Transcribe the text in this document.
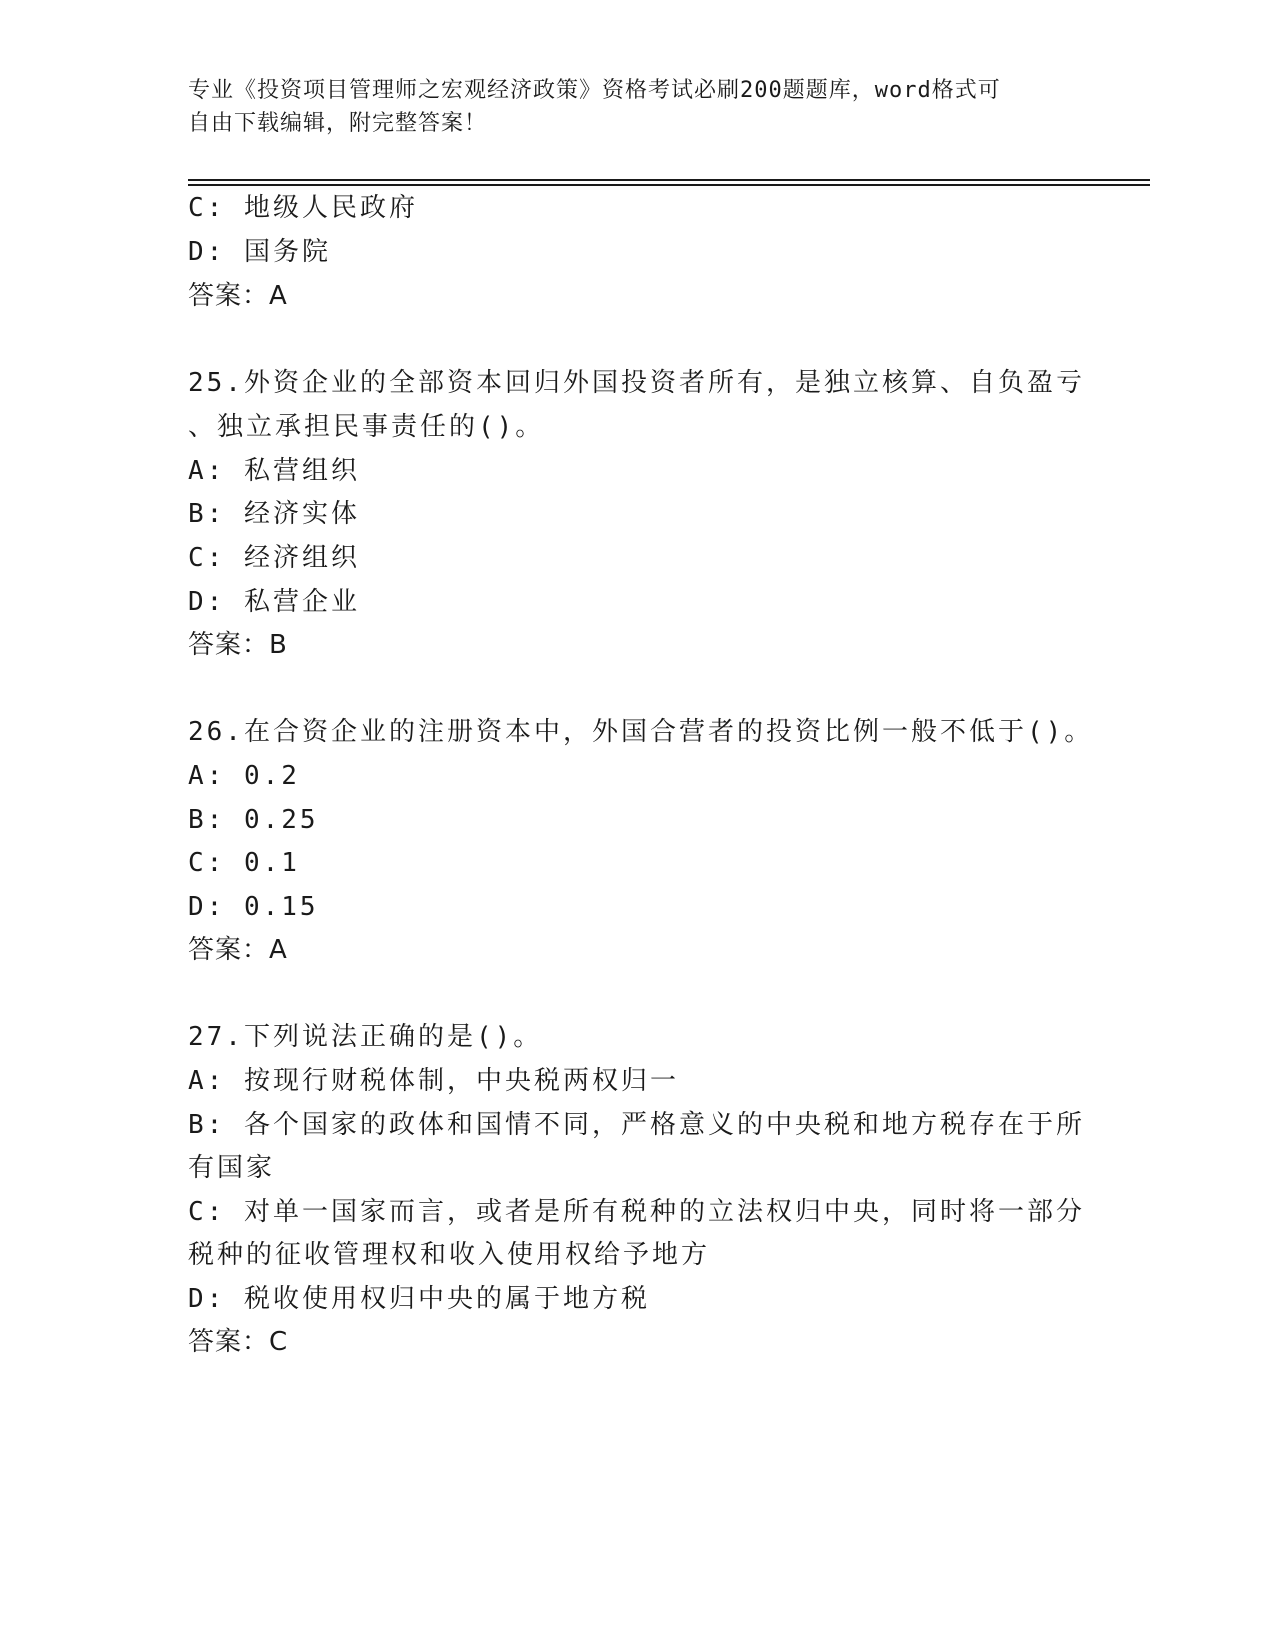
专业《投资项目管理师之宏观经济政策》资格考试必刷200题题库，word格式可
自由下载编辑，附完整答案！
C: 地级人民政府
D: 国务院
答案：A
25.外资企业的全部资本回归外国投资者所有，是独立核算、自负盈亏
、独立承担民事责任的()。
A: 私营组织
B: 经济实体
C: 经济组织
D: 私营企业
答案：B
26.在合资企业的注册资本中，外国合营者的投资比例一般不低于()。
A: 0.2
B: 0.25
C: 0.1
D: 0.15
答案：A
27.下列说法正确的是()。
A: 按现行财税体制，中央税两权归一
B: 各个国家的政体和国情不同，严格意义的中央税和地方税存在于所
有国家
C: 对单一国家而言，或者是所有税种的立法权归中央，同时将一部分
税种的征收管理权和收入使用权给予地方
D: 税收使用权归中央的属于地方税
答案：C
